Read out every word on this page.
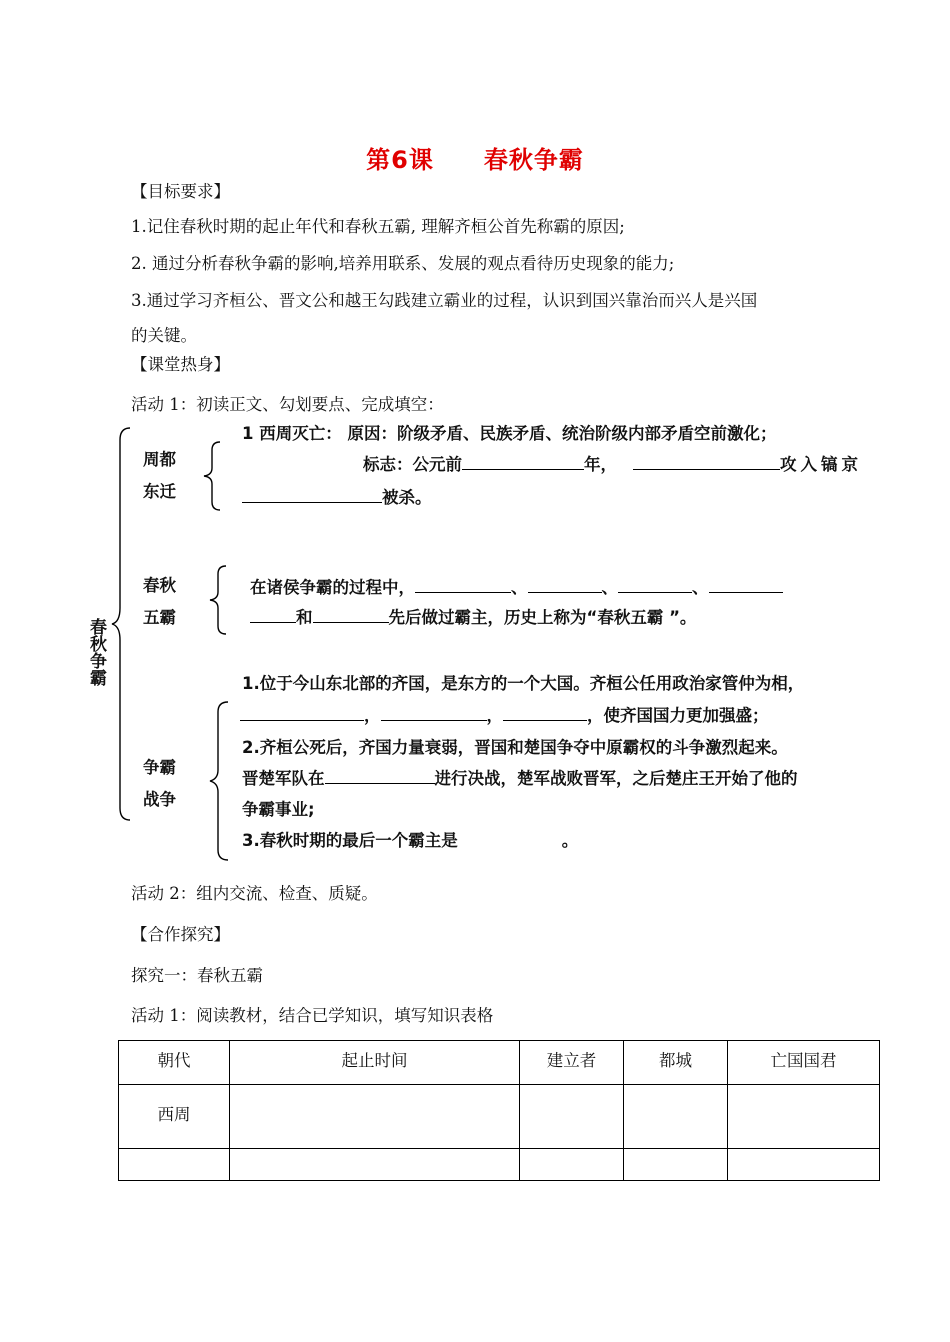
第6课　　春秋争霸
【目标要求】
1.记住春秋时期的起止年代和春秋五霸, 理解齐桓公首先称霸的原因;
2. 通过分析春秋争霸的影响,培养用联系、发展的观点看待历史现象的能力;
3.通过学习齐桓公、晋文公和越王勾践建立霸业的过程，认识到国兴靠治而兴人是兴国
的关键。
【课堂热身】
活动 1：初读正文、勾划要点、完成填空：
春秋争霸
周都
东迁
1 西周灭亡： 原因：阶级矛盾、民族矛盾、统治阶级内部矛盾空前激化；
标志：公元前	年，	攻入镐京
被杀。
春秋
五霸
在诸侯争霸的过程中，	、	、	、
和	先后做过霸主，历史上称为“春秋五霸 ”。
争霸
战争
1.位于今山东北部的齐国，是东方的一个大国。齐桓公任用政治家管仲为相，
，	，	，使齐国国力更加强盛；
2.齐桓公死后，齐国力量衰弱，晋国和楚国争夺中原霸权的斗争激烈起来。
晋楚军队在	进行决战，楚军战败晋军，之后楚庄王开始了他的
争霸事业;
3.春秋时期的最后一个霸主是	。
活动 2：组内交流、检查、质疑。
【合作探究】
探究一：春秋五霸
活动 1：阅读教材，结合已学知识，填写知识表格
朝代	起止时间	建立者	都城	亡国国君
西周				
